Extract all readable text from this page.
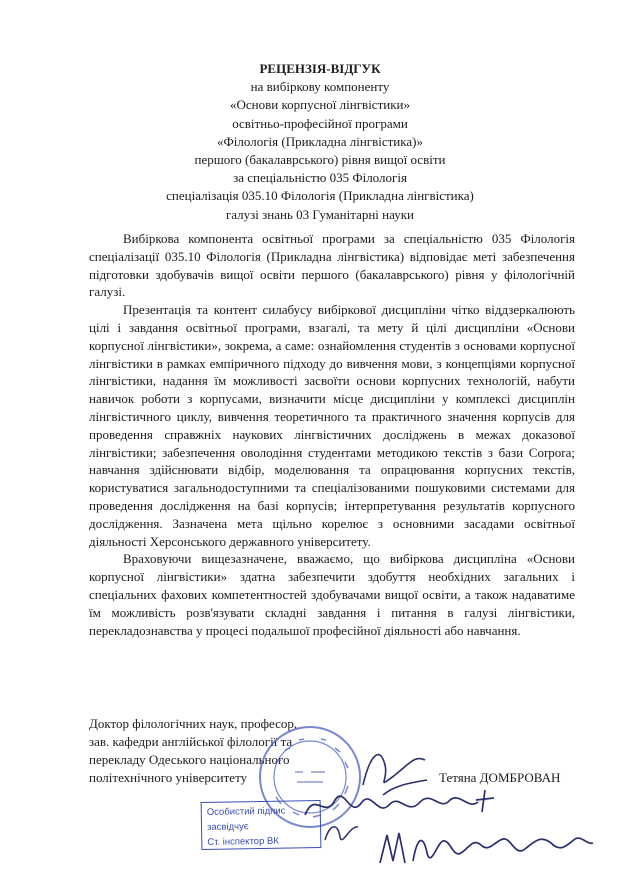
РЕЦЕНЗІЯ-ВІДГУК
на вибіркову компоненту
«Основи корпусної лінгвістики»
освітньо-професійної програми
«Філологія (Прикладна лінгвістика)»
першого (бакалаврського) рівня вищої освіти
за спеціальністю 035 Філологія
спеціалізація 035.10 Філологія (Прикладна лінгвістика)
галузі знань 03 Гуманітарні науки

Вибіркова компонента освітньої програми за спеціальністю 035 Філологія спеціалізації 035.10 Філологія (Прикладна лінгвістика) відповідає меті забезпечення підготовки здобувачів вищої освіти першого (бакалаврського) рівня у філологічній галузі.

Презентація та контент силабусу вибіркової дисципліни чітко віддзеркалюють цілі і завдання освітньої програми, взагалі, та мету й цілі дисципліни «Основи корпусної лінгвістики», зокрема, а саме: ознайомлення студентів з основами корпусної лінгвістики в рамках емпіричного підходу до вивчення мови, з концепціями корпусної лінгвістики, надання їм можливості засвоїти основи корпусних технологій, набути навичок роботи з корпусами, визначити місце дисципліни у комплексі дисциплін лінгвістичного циклу, вивчення теоретичного та практичного значення корпусів для проведення справжніх наукових лінгвістичних досліджень в межах доказової лінгвістики; забезпечення оволодіння студентами методикою текстів з бази Corpora; навчання здійснювати відбір, моделювання та опрацювання корпусних текстів, користуватися загальнодоступними та спеціалізованими пошуковими системами для проведення дослідження на базі корпусів; інтерпретування результатів корпусного дослідження. Зазначена мета щільно корелює з основними засадами освітньої діяльності Херсонського державного університету.

Враховуючи вищезазначене, вважаємо, що вибіркова дисципліна «Основи корпусної лінгвістики» здатна забезпечити здобуття необхідних загальних і спеціальних фахових компетентностей здобувачами вищої освіти, а також надаватиме їм можливість розв'язувати складні завдання і питання в галузі лінгвістики, перекладознавства у процесі подальшої професійної діяльності або навчання.

Доктор філологічних наук, професор,
зав. кафедри англійської філології та
перекладу Одеського національного
політехнічного університету	Тетяна ДОМБРОВАН
Особистий підпис
засвідчує
Ст. інспектор ВК
